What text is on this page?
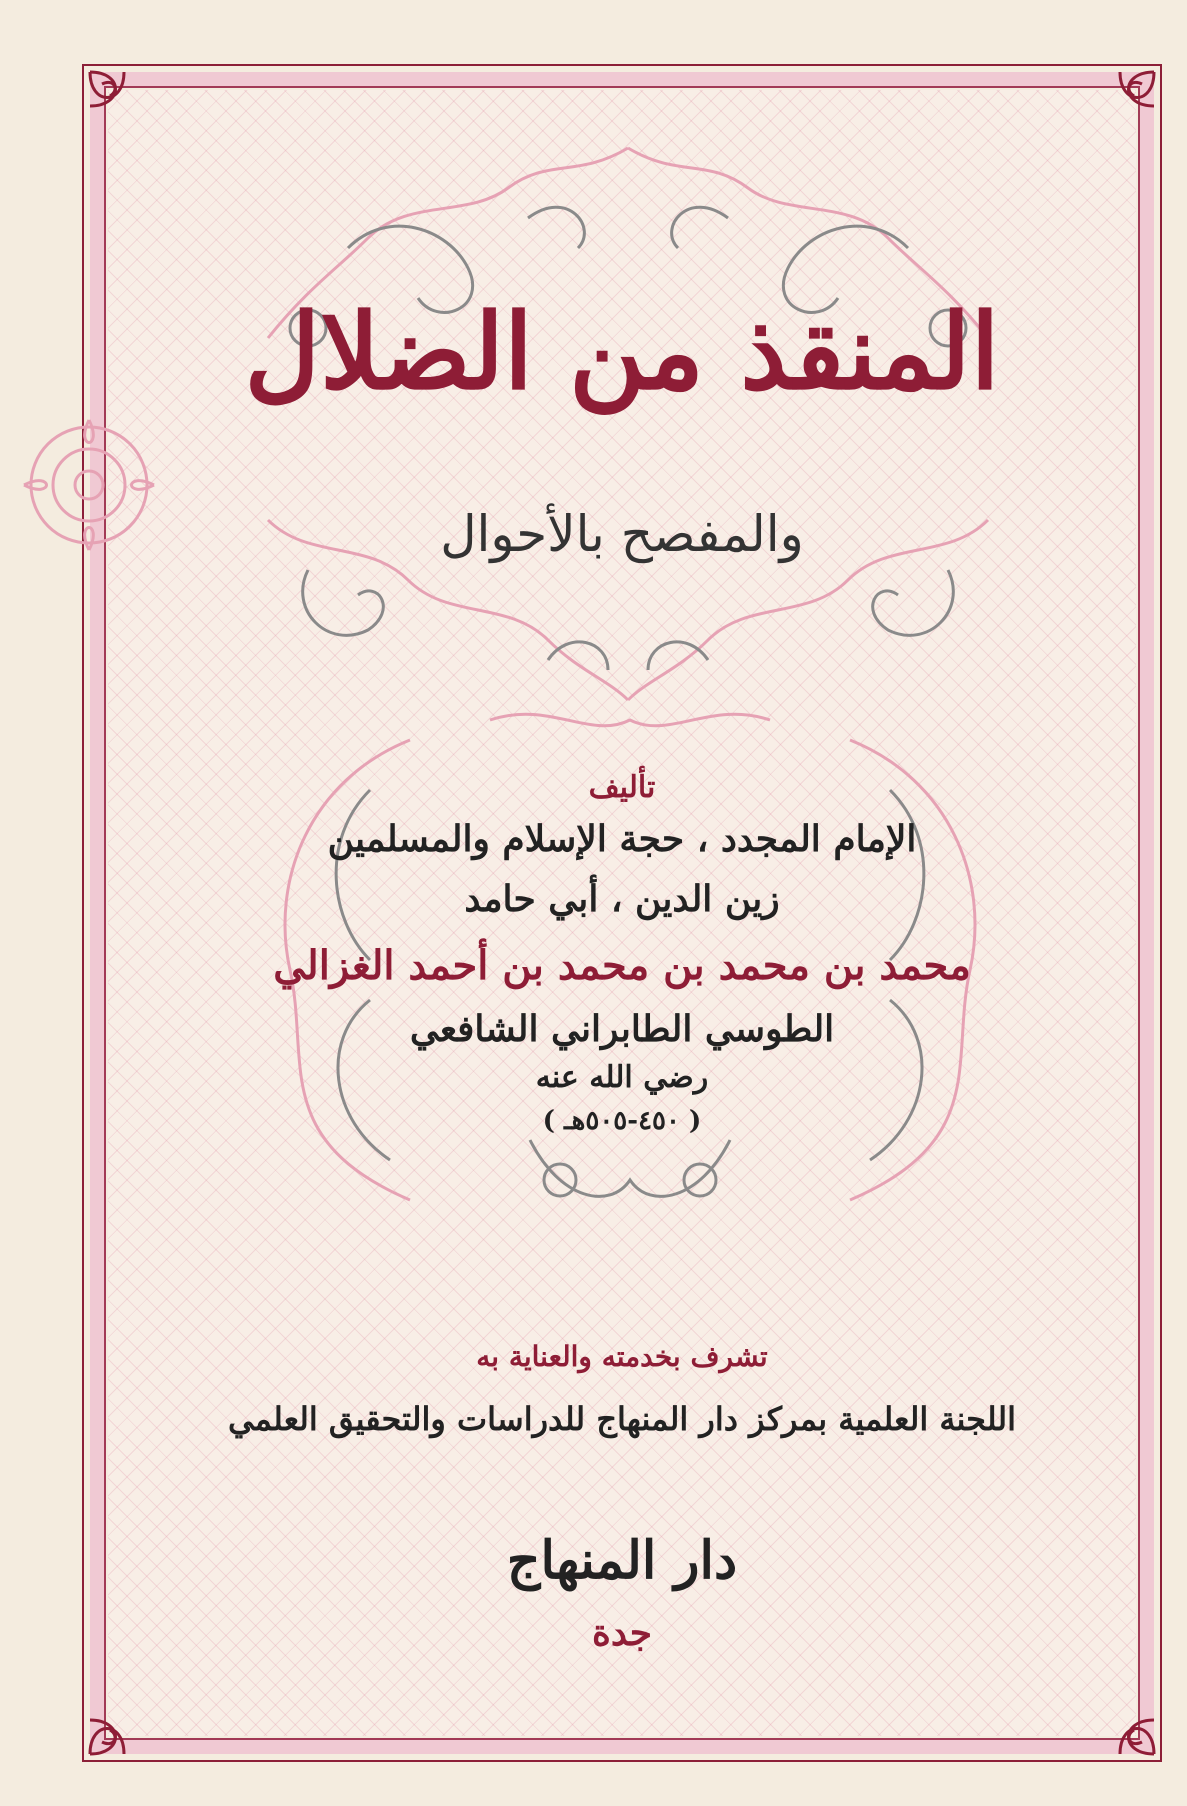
المنقذ من الضلال
والمفصح بالأحوال
تأليف
الإمام المجدد ، حجة الإسلام والمسلمين
زين الدين ، أبي حامد
محمد بن محمد بن محمد بن أحمد الغزالي
الطوسي الطابراني الشافعي
رضي الله عنه
( ٤٥٠-٥٠٥هـ )
تشرف بخدمته والعناية به
اللجنة العلمية بمركز دار المنهاج للدراسات والتحقيق العلمي
دار المنهاج
جدة
